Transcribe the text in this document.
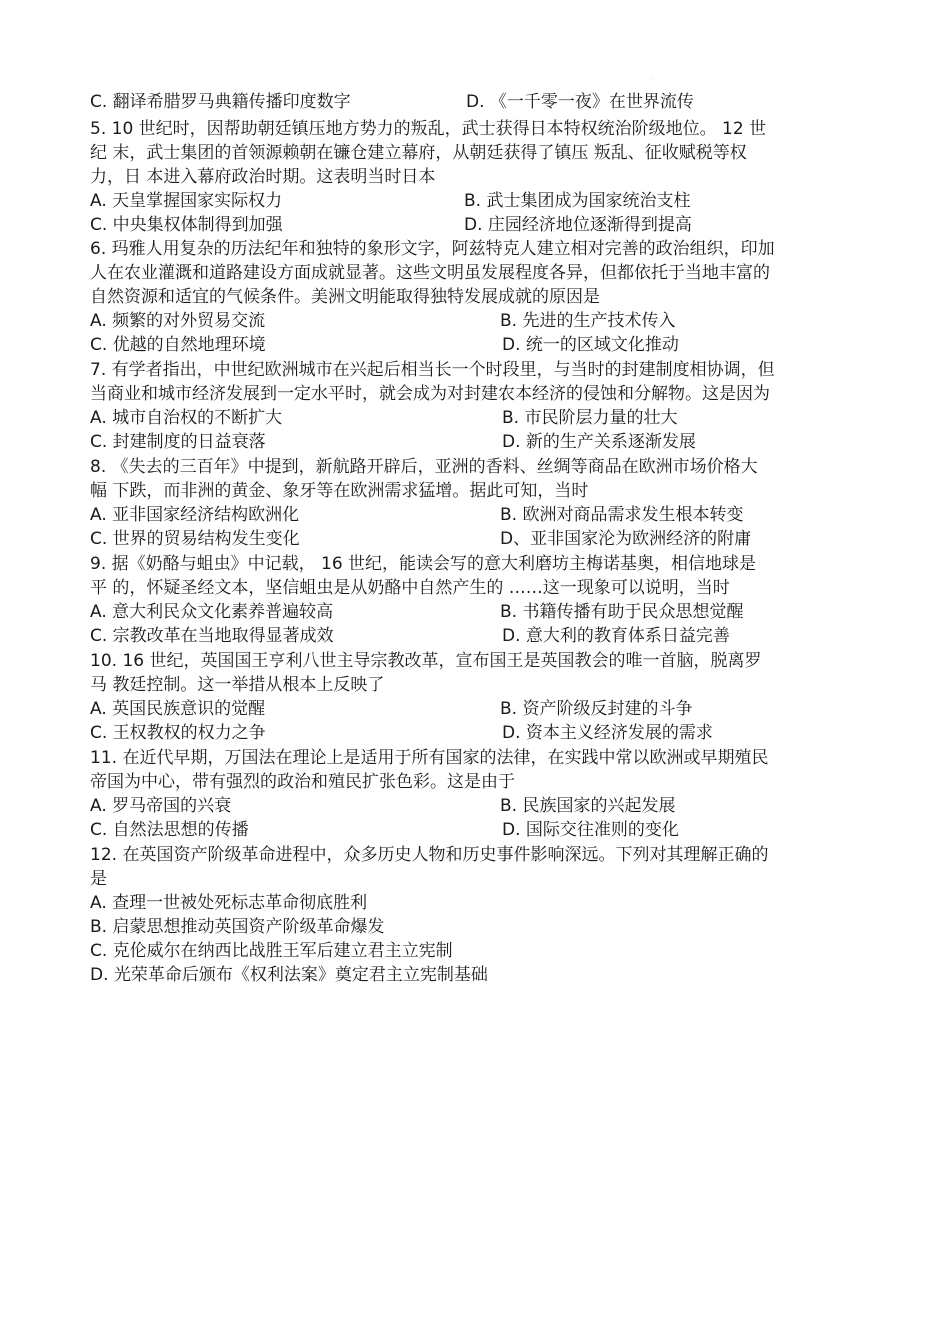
.
C. 翻译希腊罗马典籍传播印度数字	D. 《一千零一夜》在世界流传
5. 10 世纪时，因帮助朝廷镇压地方势力的叛乱，武士获得日本特权统治阶级地位。 12 世
纪 末，武士集团的首领源赖朝在镰仓建立幕府，从朝廷获得了镇压 叛乱、征收赋税等权
力，日 本进入幕府政治时期。这表明当时日本
A. 天皇掌握国家实际权力	B. 武士集团成为国家统治支柱
C. 中央集权体制得到加强	D. 庄园经济地位逐渐得到提高
6. 玛雅人用复杂的历法纪年和独特的象形文字，阿兹特克人建立相对完善的政治组织，印加
人在农业灌溉和道路建设方面成就显著。这些文明虽发展程度各异，但都依托于当地丰富的
自然资源和适宜的气候条件。美洲文明能取得独特发展成就的原因是
A. 频繁的对外贸易交流	B. 先进的生产技术传入
C. 优越的自然地理环境	D. 统一的区域文化推动
7. 有学者指出，中世纪欧洲城市在兴起后相当长一个时段里，与当时的封建制度相协调，但
当商业和城市经济发展到一定水平时，就会成为对封建农本经济的侵蚀和分解物。这是因为
A. 城市自治权的不断扩大	B. 市民阶层力量的壮大
C. 封建制度的日益衰落	D. 新的生产关系逐渐发展
8. 《失去的三百年》中提到，新航路开辟后，亚洲的香料、丝绸等商品在欧洲市场价格大
幅 下跌，而非洲的黄金、象牙等在欧洲需求猛增。据此可知，当时
A. 亚非国家经济结构欧洲化	B. 欧洲对商品需求发生根本转变
C. 世界的贸易结构发生变化	D、亚非国家沦为欧洲经济的附庸
9. 据《奶酪与蛆虫》中记载， 16 世纪，能读会写的意大利磨坊主梅诺基奥，相信地球是
平 的，怀疑圣经文本，坚信蛆虫是从奶酪中自然产生的 ……这一现象可以说明，当时
A. 意大利民众文化素养普遍较高	B. 书籍传播有助于民众思想觉醒
C. 宗教改革在当地取得显著成效	D. 意大利的教育体系日益完善
10. 16 世纪，英国国王亨利八世主导宗教改革，宣布国王是英国教会的唯一首脑，脱离罗
马 教廷控制。这一举措从根本上反映了
A. 英国民族意识的觉醒	B. 资产阶级反封建的斗争
C. 王权教权的权力之争	D. 资本主义经济发展的需求
11. 在近代早期，万国法在理论上是适用于所有国家的法律，在实践中常以欧洲或早期殖民
帝国为中心，带有强烈的政治和殖民扩张色彩。这是由于
A. 罗马帝国的兴衰	B. 民族国家的兴起发展
C. 自然法思想的传播	D. 国际交往准则的变化
12. 在英国资产阶级革命进程中，众多历史人物和历史事件影响深远。下列对其理解正确的
是
A. 查理一世被处死标志革命彻底胜利
B. 启蒙思想推动英国资产阶级革命爆发
C. 克伦威尔在纳西比战胜王军后建立君主立宪制
D. 光荣革命后颁布《权利法案》奠定君主立宪制基础
